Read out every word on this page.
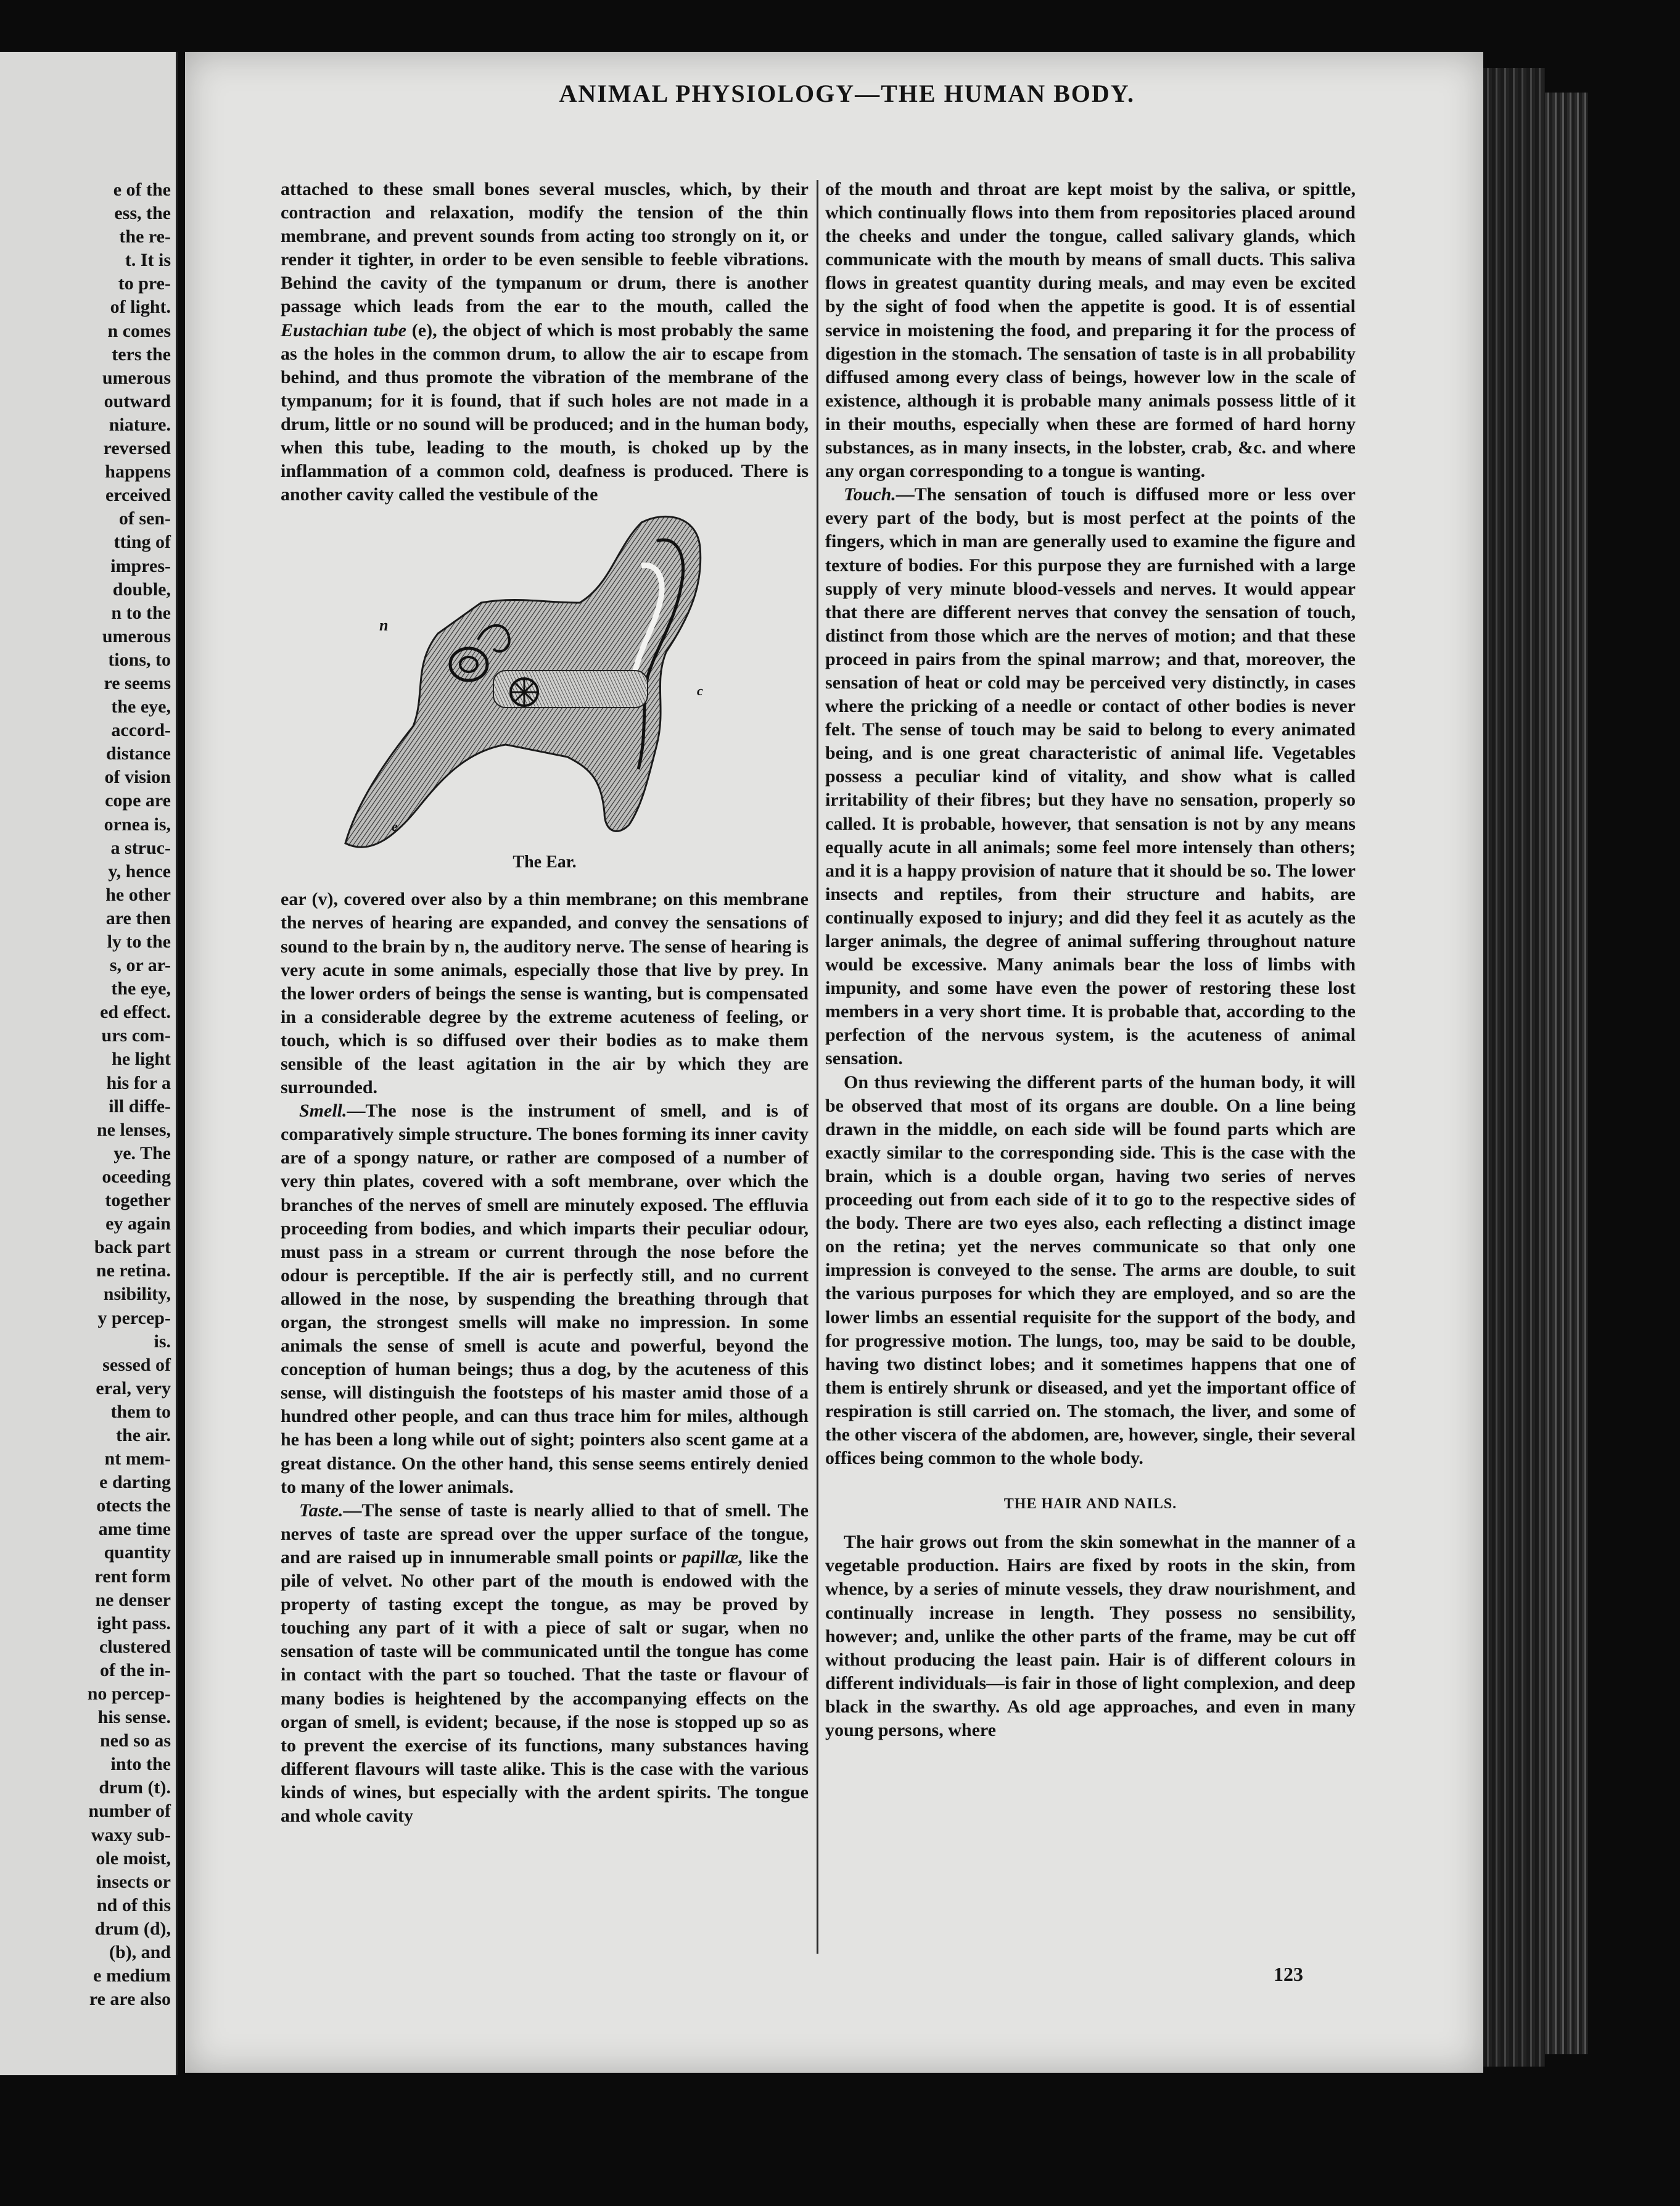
e of the
ess, the
the re-
t. It is
to pre-
of light.
n comes
ters the
umerous
outward
niature.
reversed
happens
erceived
of sen-
tting of
impres-
double,
n to the
umerous
tions, to
re seems
the eye,
accord-
distance
of vision
cope are
ornea is,
a struc-
y, hence
he other
are then
ly to the
s, or ar-
the eye,
ed effect.
urs com-
he light
his for a
ill diffe-
ne lenses,
ye. The
oceeding
together
ey again
back part
ne retina.
nsibility,
y percep-
is.
sessed of
eral, very
them to
the air.
nt mem-
e darting
otects the
ame time
quantity
rent form
ne denser
ight pass.
clustered
of the in-
no percep-
his sense.
ned so as
into the
drum (t).
number of
waxy sub-
ole moist,
insects or
nd of this
drum (d),
(b), and
e medium
re are also
ANIMAL PHYSIOLOGY—THE HUMAN BODY.

attached to these small bones several muscles, which, by their contraction and relaxation, modify the tension of the thin membrane, and prevent sounds from acting too strongly on it, or render it tighter, in order to be even sensible to feeble vibrations. Behind the cavity of the tympanum or drum, there is another passage which leads from the ear to the mouth, called the Eustachian tube (e), the object of which is most probably the same as the holes in the common drum, to allow the air to escape from behind, and thus promote the vibration of the membrane of the tympanum; for it is found, that if such holes are not made in a drum, little or no sound will be produced; and in the human body, when this tube, leading to the mouth, is choked up by the inflammation of a common cold, deafness is produced. There is another cavity called the vestibule of the

n
e
c
The Ear.

ear (v), covered over also by a thin membrane; on this membrane the nerves of hearing are expanded, and convey the sensations of sound to the brain by n, the auditory nerve. The sense of hearing is very acute in some animals, especially those that live by prey. In the lower orders of beings the sense is wanting, but is compensated in a considerable degree by the extreme acuteness of feeling, or touch, which is so diffused over their bodies as to make them sensible of the least agitation in the air by which they are surrounded.

Smell.—The nose is the instrument of smell, and is of comparatively simple structure. The bones forming its inner cavity are of a spongy nature, or rather are composed of a number of very thin plates, covered with a soft membrane, over which the branches of the nerves of smell are minutely exposed. The effluvia proceeding from bodies, and which imparts their peculiar odour, must pass in a stream or current through the nose before the odour is perceptible. If the air is perfectly still, and no current allowed in the nose, by suspending the breathing through that organ, the strongest smells will make no impression. In some animals the sense of smell is acute and powerful, beyond the conception of human beings; thus a dog, by the acuteness of this sense, will distinguish the footsteps of his master amid those of a hundred other people, and can thus trace him for miles, although he has been a long while out of sight; pointers also scent game at a great distance. On the other hand, this sense seems entirely denied to many of the lower animals.

Taste.—The sense of taste is nearly allied to that of smell. The nerves of taste are spread over the upper surface of the tongue, and are raised up in innumerable small points or papillæ, like the pile of velvet. No other part of the mouth is endowed with the property of tasting except the tongue, as may be proved by touching any part of it with a piece of salt or sugar, when no sensation of taste will be communicated until the tongue has come in contact with the part so touched. That the taste or flavour of many bodies is heightened by the accompanying effects on the organ of smell, is evident; because, if the nose is stopped up so as to prevent the exercise of its functions, many substances having different flavours will taste alike. This is the case with the various kinds of wines, but especially with the ardent spirits. The tongue and whole cavity

of the mouth and throat are kept moist by the saliva, or spittle, which continually flows into them from repositories placed around the cheeks and under the tongue, called salivary glands, which communicate with the mouth by means of small ducts. This saliva flows in greatest quantity during meals, and may even be excited by the sight of food when the appetite is good. It is of essential service in moistening the food, and preparing it for the process of digestion in the stomach. The sensation of taste is in all probability diffused among every class of beings, however low in the scale of existence, although it is probable many animals possess little of it in their mouths, especially when these are formed of hard horny substances, as in many insects, in the lobster, crab, &c. and where any organ corresponding to a tongue is wanting.

Touch.—The sensation of touch is diffused more or less over every part of the body, but is most perfect at the points of the fingers, which in man are generally used to examine the figure and texture of bodies. For this purpose they are furnished with a large supply of very minute blood-vessels and nerves. It would appear that there are different nerves that convey the sensation of touch, distinct from those which are the nerves of motion; and that these proceed in pairs from the spinal marrow; and that, moreover, the sensation of heat or cold may be perceived very distinctly, in cases where the pricking of a needle or contact of other bodies is never felt. The sense of touch may be said to belong to every animated being, and is one great characteristic of animal life. Vegetables possess a peculiar kind of vitality, and show what is called irritability of their fibres; but they have no sensation, properly so called. It is probable, however, that sensation is not by any means equally acute in all animals; some feel more intensely than others; and it is a happy provision of nature that it should be so. The lower insects and reptiles, from their structure and habits, are continually exposed to injury; and did they feel it as acutely as the larger animals, the degree of animal suffering throughout nature would be excessive. Many animals bear the loss of limbs with impunity, and some have even the power of restoring these lost members in a very short time. It is probable that, according to the perfection of the nervous system, is the acuteness of animal sensation.

On thus reviewing the different parts of the human body, it will be observed that most of its organs are double. On a line being drawn in the middle, on each side will be found parts which are exactly similar to the corresponding side. This is the case with the brain, which is a double organ, having two series of nerves proceeding out from each side of it to go to the respective sides of the body. There are two eyes also, each reflecting a distinct image on the retina; yet the nerves communicate so that only one impression is conveyed to the sense. The arms are double, to suit the various purposes for which they are employed, and so are the lower limbs an essential requisite for the support of the body, and for progressive motion. The lungs, too, may be said to be double, having two distinct lobes; and it sometimes happens that one of them is entirely shrunk or diseased, and yet the important office of respiration is still carried on. The stomach, the liver, and some of the other viscera of the abdomen, are, however, single, their several offices being common to the whole body.

THE HAIR AND NAILS.

The hair grows out from the skin somewhat in the manner of a vegetable production. Hairs are fixed by roots in the skin, from whence, by a series of minute vessels, they draw nourishment, and continually increase in length. They possess no sensibility, however; and, unlike the other parts of the frame, may be cut off without producing the least pain. Hair is of different colours in different individuals—is fair in those of light complexion, and deep black in the swarthy. As old age approaches, and even in many young persons, where

123
